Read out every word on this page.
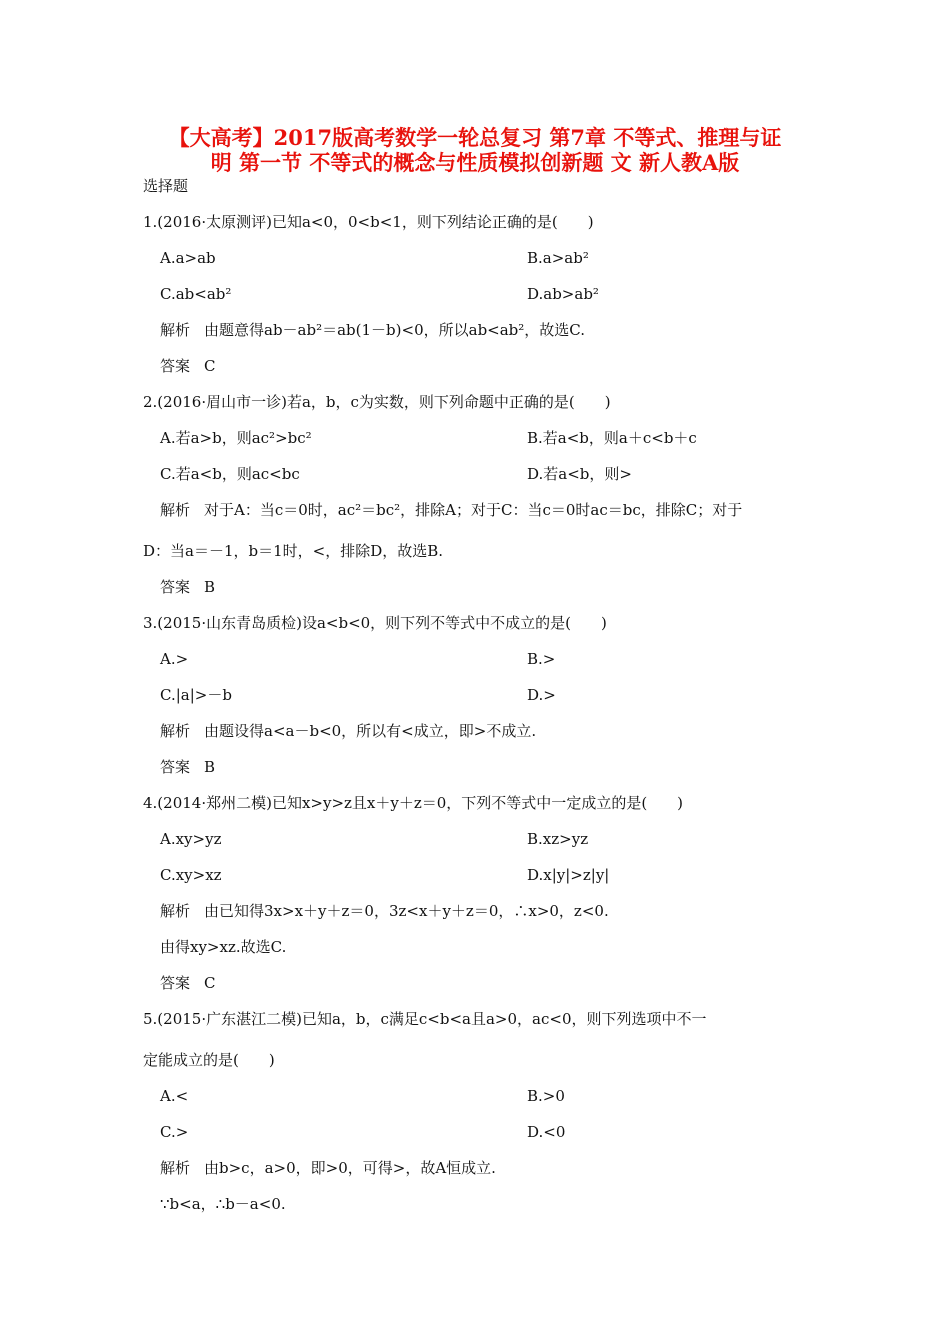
【大高考】2017版高考数学一轮总复习 第7章 不等式、推理与证
明 第一节 不等式的概念与性质模拟创新题 文 新人教A版
选择题
1.(2016·太原测评)已知a<0，0<b<1，则下列结论正确的是(　　)
A.a>ab	B.a>ab²
C.ab<ab²	D.ab>ab²
解析 由题意得ab－ab²＝ab(1－b)<0，所以ab<ab²，故选C.
答案 C
2.(2016·眉山市一诊)若a，b，c为实数，则下列命题中正确的是(　　)
A.若a>b，则ac²>bc²	B.若a<b，则a＋c<b＋c
C.若a<b，则ac<bc	D.若a<b，则>
解析 对于A：当c＝0时，ac²＝bc²，排除A；对于C：当c＝0时ac＝bc，排除C；对于
D：当a＝－1，b＝1时，<，排除D，故选B.
答案 B
3.(2015·山东青岛质检)设a<b<0，则下列不等式中不成立的是(　　)
A.>	B.>
C.|a|>－b	D.>
解析 由题设得a<a－b<0，所以有<成立，即>不成立.
答案 B
4.(2014·郑州二模)已知x>y>z且x＋y＋z＝0，下列不等式中一定成立的是(　　)
A.xy>yz	B.xz>yz
C.xy>xz	D.x|y|>z|y|
解析 由已知得3x>x＋y＋z＝0，3z<x＋y＋z＝0，∴x>0，z<0.
由得xy>xz.故选C.
答案 C
5.(2015·广东湛江二模)已知a，b，c满足c<b<a且a>0，ac<0，则下列选项中不一
定能成立的是(　　)
A.<	B.>0
C.>	D.<0
解析 由b>c，a>0，即>0，可得>，故A恒成立.
∵b<a，∴b－a<0.
